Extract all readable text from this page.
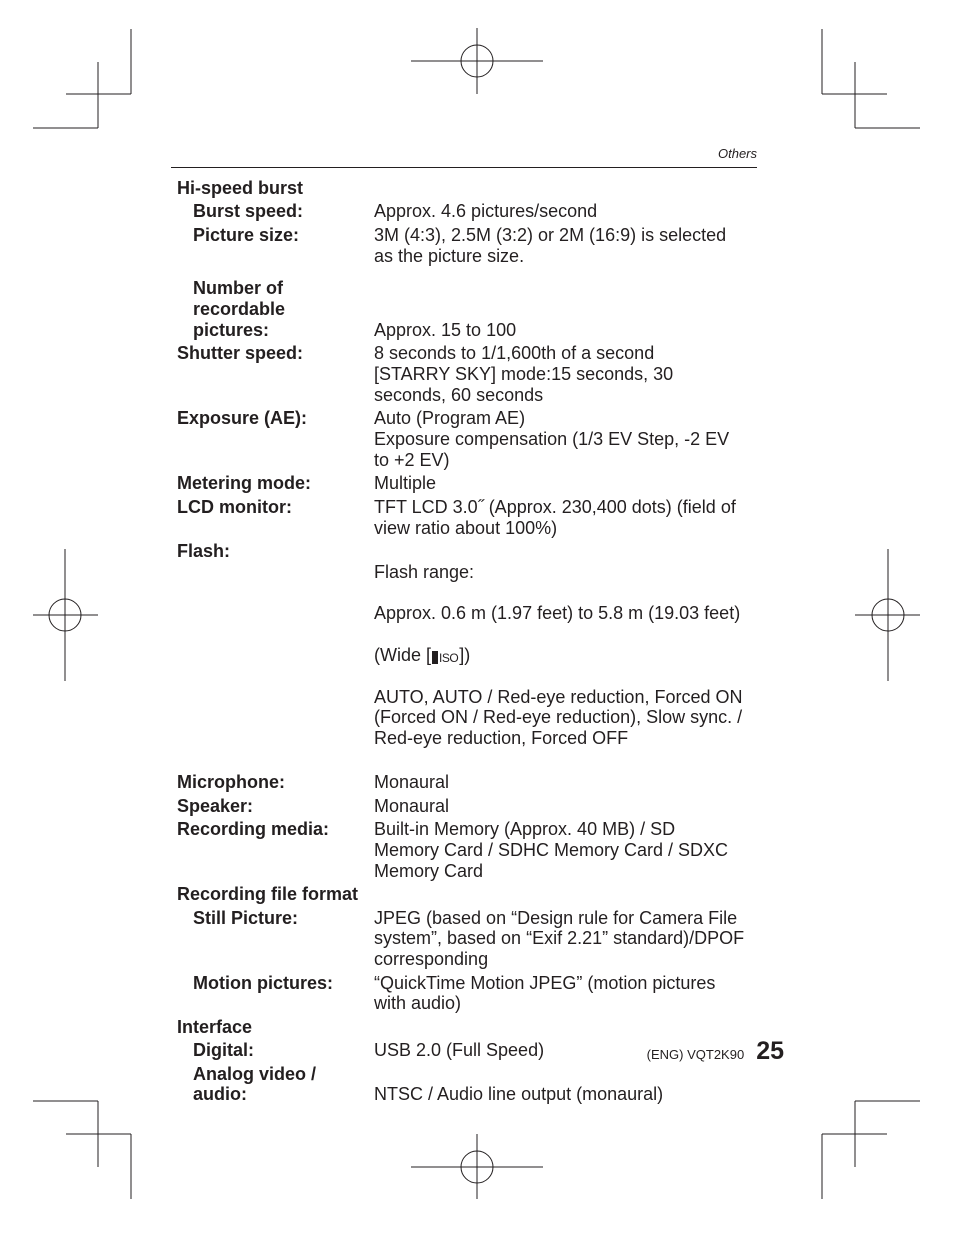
Others
Hi-speed burst
Burst speed:	Approx. 4.6 pictures/second
Picture size:	3M (4:3), 2.5M (3:2) or 2M (16:9) is selected
as the picture size.
Number of
recordable
pictures:	Approx. 15 to 100
Shutter speed:	8 seconds to 1/1,600th of a second
[STARRY SKY] mode:15 seconds, 30
seconds, 60 seconds
Exposure (AE):	Auto (Program AE)
Exposure compensation (1/3 EV Step, -2 EV
to +2 EV)
Metering mode:	Multiple
LCD monitor:	TFT LCD 3.0˝ (Approx. 230,400 dots) (field of
view ratio about 100%)
Flash:

Flash range:

Approx. 0.6 m (1.97 feet) to 5.8 m (19.03 feet)

(Wide [ ISO])

AUTO, AUTO / Red-eye reduction, Forced ON
(Forced ON / Red-eye reduction), Slow sync. /
Red-eye reduction, Forced OFF

Microphone:	Monaural
Speaker:	Monaural
Recording media:	Built-in Memory (Approx. 40 MB) / SD
Memory Card / SDHC Memory Card / SDXC
Memory Card
Recording file format
Still Picture:	JPEG (based on “Design rule for Camera File
system”, based on “Exif 2.21” standard)/DPOF
corresponding
Motion pictures:	“QuickTime Motion JPEG” (motion pictures
with audio)
Interface
Digital:	USB 2.0 (Full Speed)
Analog video /
audio:	NTSC / Audio line output (monaural)
(ENG) VQT2K90 25
